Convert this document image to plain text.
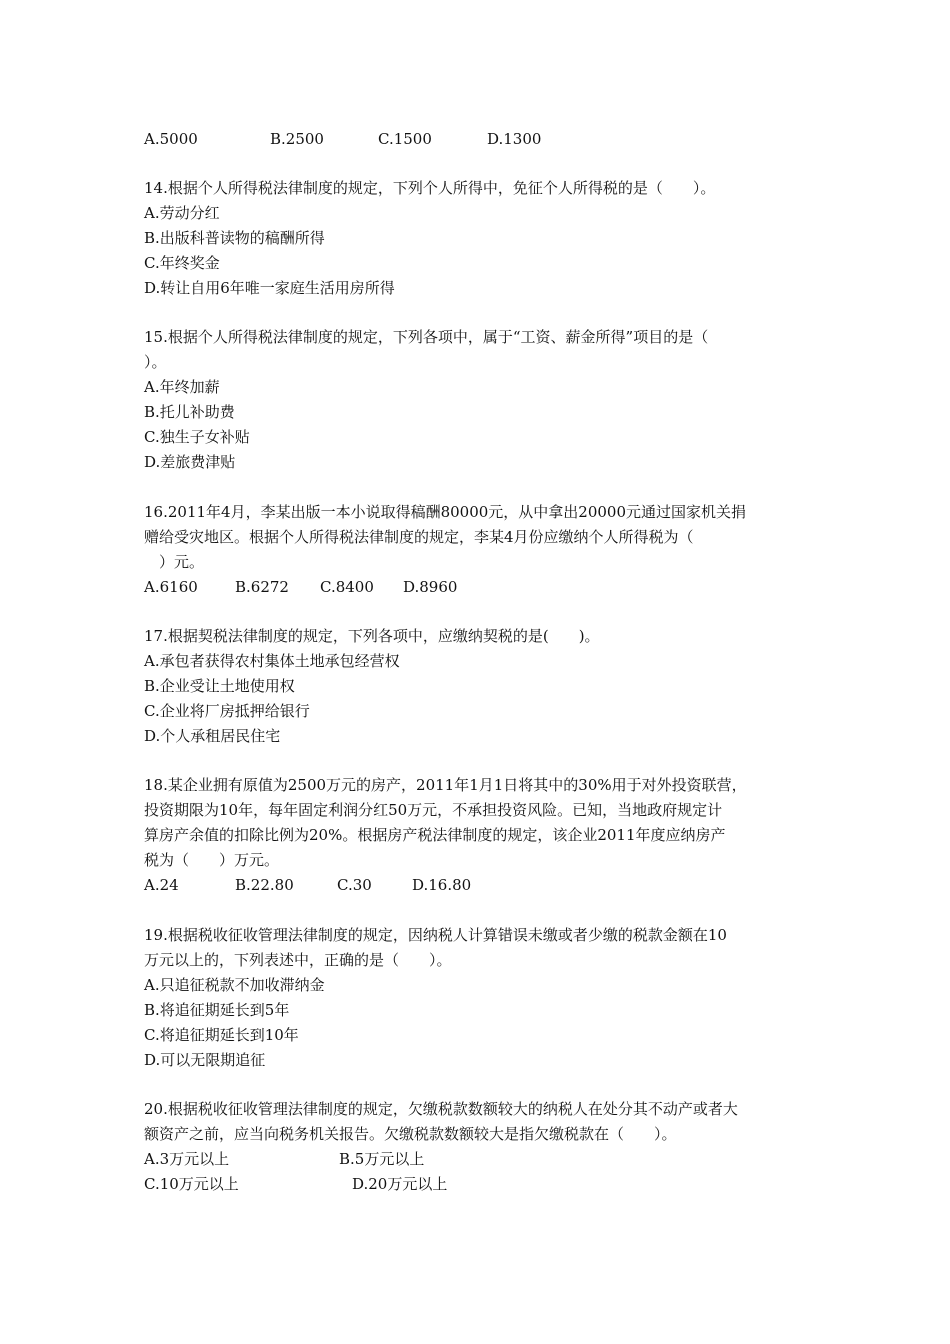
A.5000	B.2500	C.1500	D.1300
14.根据个人所得税法律制度的规定，下列个人所得中，免征个人所得税的是（　　）。
A.劳动分红
B.出版科普读物的稿酬所得
C.年终奖金
D.转让自用6年唯一家庭生活用房所得
15.根据个人所得税法律制度的规定，下列各项中，属于“工资、薪金所得”项目的是（
）。
A.年终加薪
B.托儿补助费
C.独生子女补贴
D.差旅费津贴
16.2011年4月，李某出版一本小说取得稿酬80000元，从中拿出20000元通过国家机关捐
赠给受灾地区。根据个人所得税法律制度的规定，李某4月份应缴纳个人所得税为（
　）元。
A.6160 B.6272 C.8400 D.8960
17.根据契税法律制度的规定，下列各项中，应缴纳契税的是(　　)。
A.承包者获得农村集体土地承包经营权
B.企业受让土地使用权
C.企业将厂房抵押给银行
D.个人承租居民住宅
18.某企业拥有原值为2500万元的房产，2011年1月1日将其中的30%用于对外投资联营，
投资期限为10年，每年固定利润分红50万元，不承担投资风险。已知，当地政府规定计
算房产余值的扣除比例为20%。根据房产税法律制度的规定，该企业2011年度应纳房产
税为（　　）万元。
A.24	B.22.80	C.30	D.16.80
19.根据税收征收管理法律制度的规定，因纳税人计算错误未缴或者少缴的税款金额在10
万元以上的，下列表述中，正确的是（　　）。
A.只追征税款不加收滞纳金
B.将追征期延长到5年
C.将追征期延长到10年
D.可以无限期追征
20.根据税收征收管理法律制度的规定，欠缴税款数额较大的纳税人在处分其不动产或者大
额资产之前，应当向税务机关报告。欠缴税款数额较大是指欠缴税款在（　　）。
A.3万元以上	B.5万元以上
C.10万元以上	D.20万元以上
